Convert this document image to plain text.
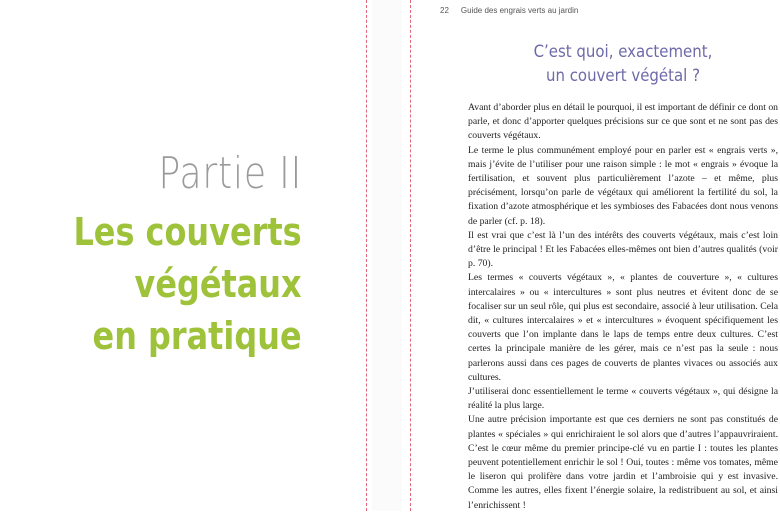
Partie II
Les couverts
végétaux
en pratique
22 Guide des engrais verts au jardin
C’est quoi, exactement,
un couvert végétal ?

Avant d’aborder plus en détail le pourquoi, il est important de définir ce dont on parle, et donc d’apporter quelques précisions sur ce que sont et ne sont pas des couverts végétaux.

Le terme le plus communément employé pour en parler est « engrais verts », mais j’évite de l’utiliser pour une raison simple : le mot « engrais » évoque la fertilisation, et souvent plus particulièrement l’azote – et même, plus précisément, lorsqu’on parle de végétaux qui améliorent la fertilité du sol, la fixation d’azote atmosphérique et les symbioses des Fabacées dont nous venons de parler (cf. p. 18).

Il est vrai que c’est là l’un des intérêts des couverts végétaux, mais c’est loin d’être le principal ! Et les Fabacées elles-mêmes ont bien d’autres qualités (voir p. 70).

Les termes « couverts végétaux », « plantes de couverture », « cultures intercalaires » ou « intercultures » sont plus neutres et évitent donc de se focaliser sur un seul rôle, qui plus est secondaire, associé à leur utilisation. Cela dit, « cultures intercalaires » et « intercultures » évoquent spécifiquement les couverts que l’on implante dans le laps de temps entre deux cultures. C’est certes la principale manière de les gérer, mais ce n’est pas la seule : nous parlerons aussi dans ces pages de couverts de plantes vivaces ou associés aux cultures.

J’utiliserai donc essentiellement le terme « couverts végétaux », qui désigne la réalité la plus large.

Une autre précision importante est que ces derniers ne sont pas constitués de plantes « spéciales » qui enrichiraient le sol alors que d’autres l’appauvriraient. C’est le cœur même du premier principe-clé vu en partie I : toutes les plantes peuvent potentiellement enrichir le sol ! Oui, toutes : même vos tomates, même le liseron qui prolifère dans votre jardin et l’ambroisie qui y est invasive. Comme les autres, elles fixent l’énergie solaire, la redistribuent au sol, et ainsi l’enrichissent !
